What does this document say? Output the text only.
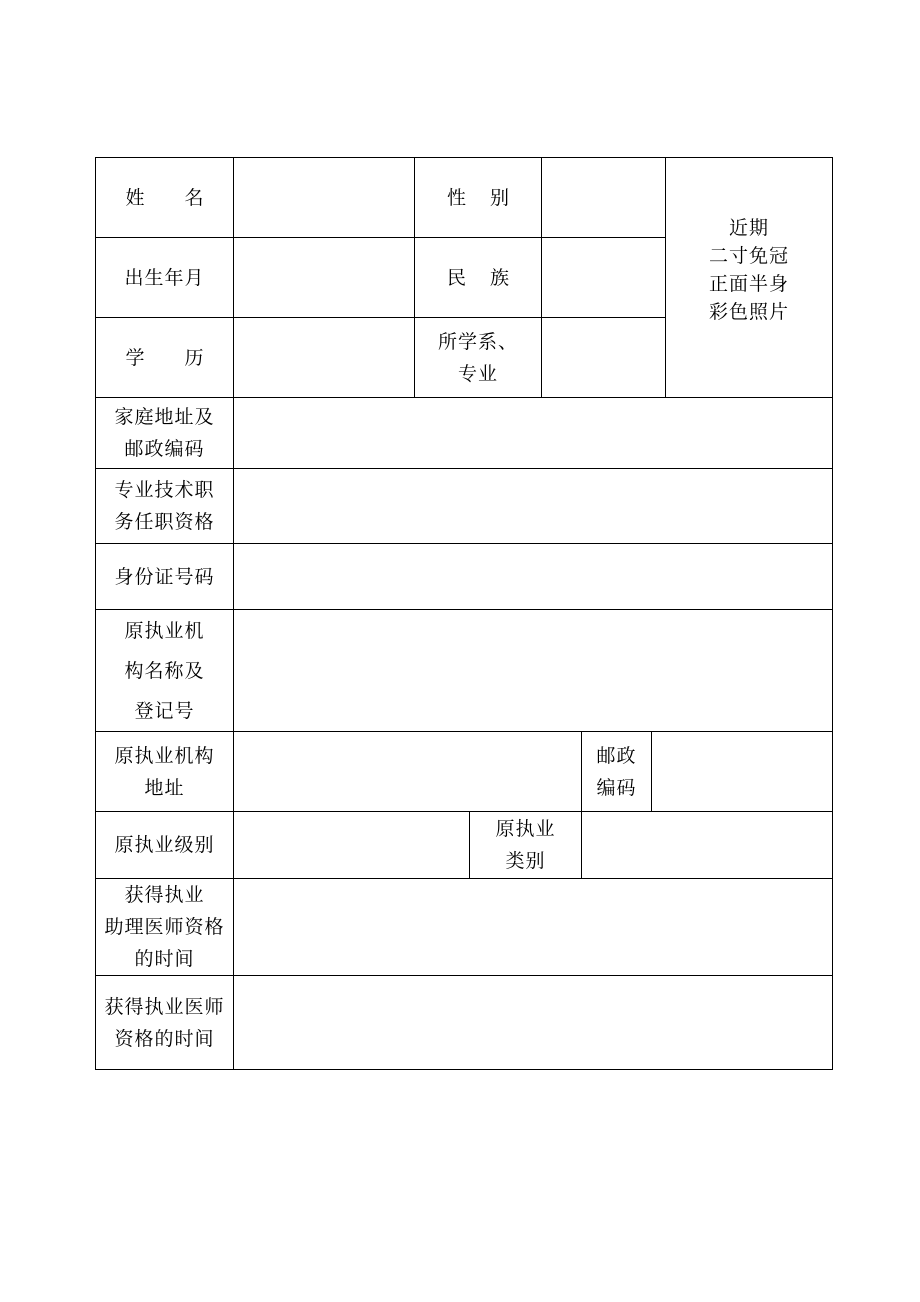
姓名	性别
近期
二寸免冠
正面半身
彩色照片
出生年月	民族
学历
所学系、
专业
家庭地址及
邮政编码
专业技术职
务任职资格
身份证号码
原执业机
构名称及
登记号
原执业机构
地址
邮政
编码
原执业级别
原执业
类别
获得执业
助理医师资格
的时间
获得执业医师
资格的时间
